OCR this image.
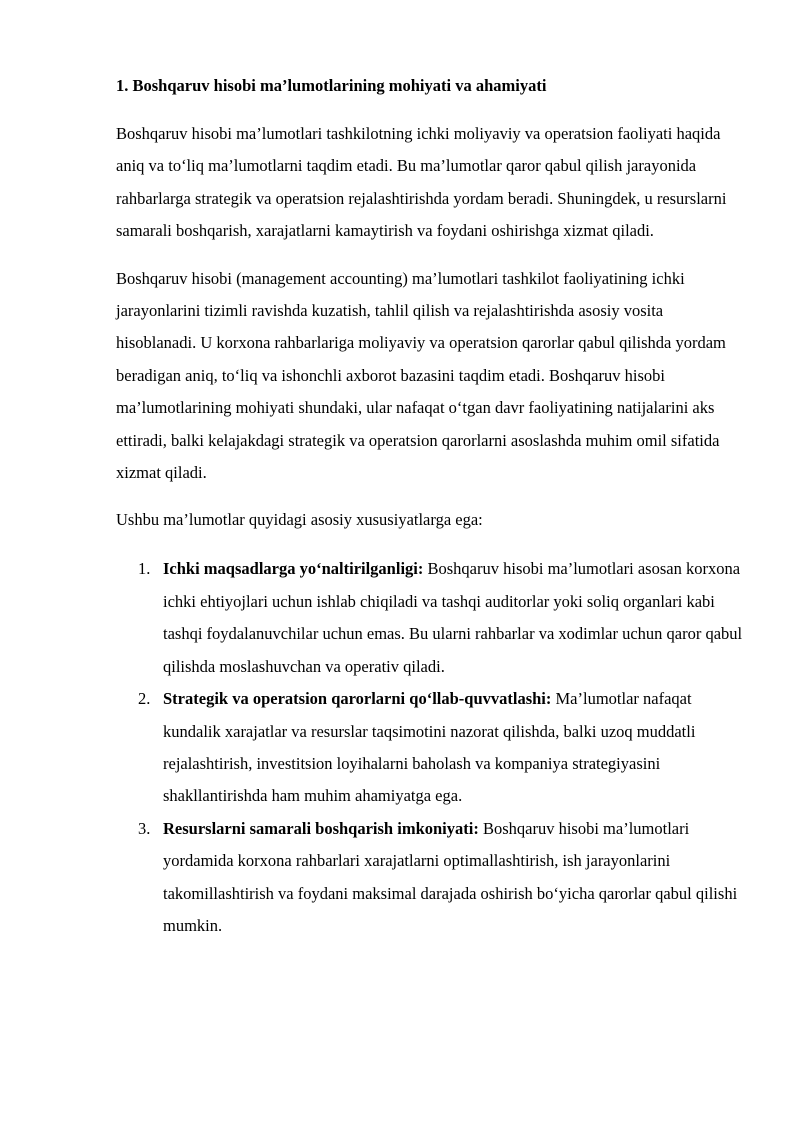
1. Boshqaruv hisobi ma’lumotlarining mohiyati va ahamiyati

Boshqaruv hisobi ma’lumotlari tashkilotning ichki moliyaviy va operatsion faoliyati haqida aniq va to‘liq ma’lumotlarni taqdim etadi. Bu ma’lumotlar qaror qabul qilish jarayonida rahbarlarga strategik va operatsion rejalashtirishda yordam beradi. Shuningdek, u resurslarni samarali boshqarish, xarajatlarni kamaytirish va foydani oshirishga xizmat qiladi.

Boshqaruv hisobi (management accounting) ma’lumotlari tashkilot faoliyatining ichki jarayonlarini tizimli ravishda kuzatish, tahlil qilish va rejalashtirishda asosiy vosita hisoblanadi. U korxona rahbarlariga moliyaviy va operatsion qarorlar qabul qilishda yordam beradigan aniq, to‘liq va ishonchli axborot bazasini taqdim etadi. Boshqaruv hisobi ma’lumotlarining mohiyati shundaki, ular nafaqat o‘tgan davr faoliyatining natijalarini aks ettiradi, balki kelajakdagi strategik va operatsion qarorlarni asoslashda muhim omil sifatida xizmat qiladi.

Ushbu ma’lumotlar quyidagi asosiy xususiyatlarga ega:

1. Ichki maqsadlarga yo‘naltirilganligi: Boshqaruv hisobi ma’lumotlari asosan korxona ichki ehtiyojlari uchun ishlab chiqiladi va tashqi auditorlar yoki soliq organlari kabi tashqi foydalanuvchilar uchun emas. Bu ularni rahbarlar va xodimlar uchun qaror qabul qilishda moslashuvchan va operativ qiladi.
2. Strategik va operatsion qarorlarni qo‘llab-quvvatlashi: Ma’lumotlar nafaqat kundalik xarajatlar va resurslar taqsimotini nazorat qilishda, balki uzoq muddatli rejalashtirish, investitsion loyihalarni baholash va kompaniya strategiyasini shakllantirishda ham muhim ahamiyatga ega.
3. Resurslarni samarali boshqarish imkoniyati: Boshqaruv hisobi ma’lumotlari yordamida korxona rahbarlari xarajatlarni optimallashtirish, ish jarayonlarini takomillashtirish va foydani maksimal darajada oshirish bo‘yicha qarorlar qabul qilishi mumkin.
